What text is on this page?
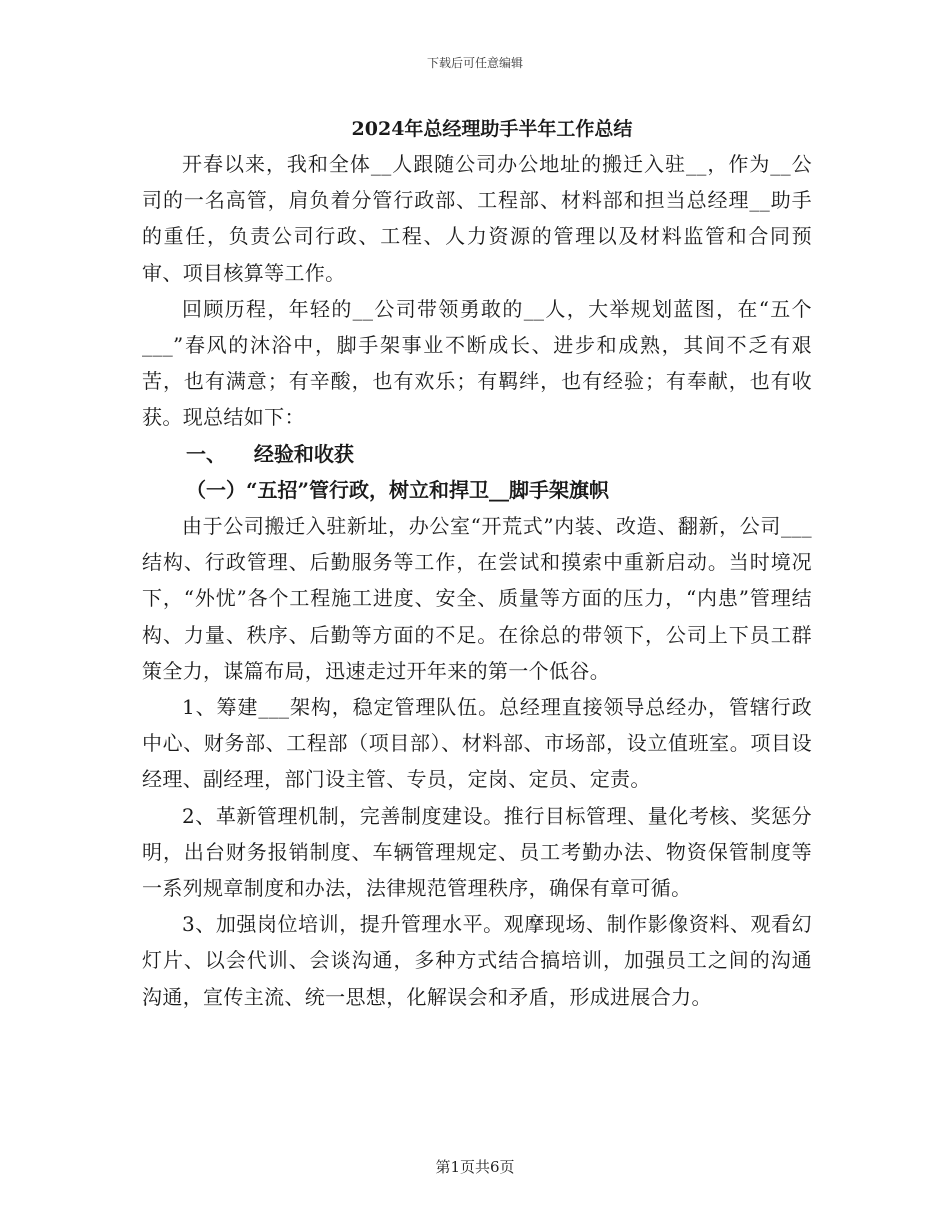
下载后可任意编辑
2024年总经理助手半年工作总结

开春以来，我和全体__人跟随公司办公地址的搬迁入驻__，作为__公司的一名高管，肩负着分管行政部、工程部、材料部和担当总经理__助手的重任，负责公司行政、工程、人力资源的管理以及材料监管和合同预审、项目核算等工作。

回顾历程，年轻的__公司带领勇敢的__人，大举规划蓝图，在“五个___”春风的沐浴中，脚手架事业不断成长、进步和成熟，其间不乏有艰苦，也有满意；有辛酸，也有欢乐；有羁绊，也有经验；有奉献，也有收获。现总结如下：

一、    经验和收获

（一）“五招”管行政，树立和捍卫__脚手架旗帜

由于公司搬迁入驻新址，办公室“开荒式”内装、改造、翻新，公司___结构、行政管理、后勤服务等工作，在尝试和摸索中重新启动。当时境况下，“外忧”各个工程施工进度、安全、质量等方面的压力，“内患”管理结构、力量、秩序、后勤等方面的不足。在徐总的带领下，公司上下员工群策全力，谋篇布局，迅速走过开年来的第一个低谷。

1、筹建___架构，稳定管理队伍。总经理直接领导总经办，管辖行政中心、财务部、工程部（项目部）、材料部、市场部，设立值班室。项目设经理、副经理，部门设主管、专员，定岗、定员、定责。

2、革新管理机制，完善制度建设。推行目标管理、量化考核、奖惩分明，出台财务报销制度、车辆管理规定、员工考勤办法、物资保管制度等一系列规章制度和办法，法律规范管理秩序，确保有章可循。

3、加强岗位培训，提升管理水平。观摩现场、制作影像资料、观看幻灯片、以会代训、会谈沟通，多种方式结合搞培训，加强员工之间的沟通沟通，宣传主流、统一思想，化解误会和矛盾，形成进展合力。

第1页共6页
